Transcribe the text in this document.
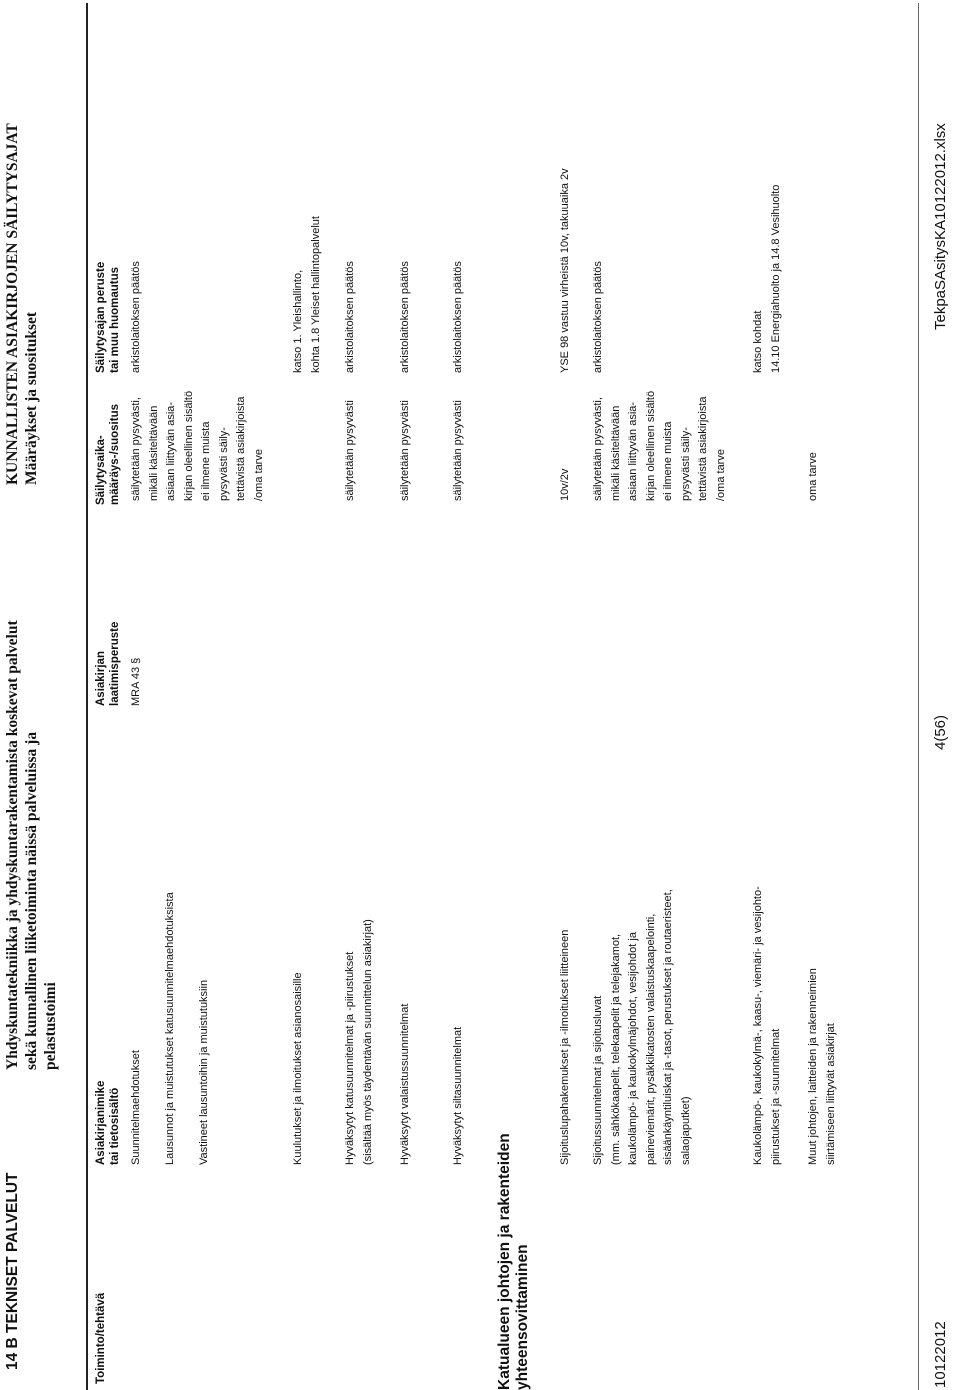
14 B TEKNISET PALVELUT
Yhdyskuntatekniikka ja yhdyskuntarakentamista koskevat palvelut sekä kunnallinen liiketoiminta näissä palveluissa ja pelastustoimi
KUNNALLISTEN ASIAKIRJOJEN SÄILYTYSAJAT Määräykset ja suositukset
Toiminto/tehtävä
Asiakirjanimike tai tietosisältö
Asiakirjan laatimisperuste
Säilytysaika- määräys-/suositus
Säilytysajan peruste tai muu huomautus
Suunnitelmaehdotukset
MRA 43 §
arkistolaitoksen päätös
Lausunnot ja muistutukset katusuunnitelmaehdotuksista	Vastineet lausuntoihin ja muistutuksiin
säilytetään pysyvästi, mikäli käsiteltävään asiaan liittyvän asia- kirjan oleellinen sisältö ei ilmene muista pysyvästi säily- tettävistä asiakirjoista /oma tarve
Kuulutukset ja ilmoitukset asianosaisille
katso 1. Yleishallinto, kohta 1.8 Yleiset hallintopalvelut
Hyväksytyt katusuunnitelmat ja -piirustukset (sisältää myös täydentävän suunnittelun asiakirjat)
säilytetään pysyvästi
arkistolaitoksen päätös
Hyväksytyt valaistussuunnitelmat
säilytetään pysyvästi
arkistolaitoksen päätös
Hyväksytyt siltasuunnitelmat
säilytetään pysyvästi
arkistolaitoksen päätös
Katualueen johtojen ja rakenteiden yhteensovittaminen
Sijoituslupahakemukset ja -ilmoitukset liitteineen
10v/2v
YSE 98 vastuu virheistä 10v, takuuaika 2v
Sijoitussuunnitelmat ja sijoitusluvat (mm. sähkökaapelit, telekaapelit ja telejakamot, kaukolämpö- ja kaukokylmäjohdot, vesijohdot ja paineviemärit, pysäkkikatosten valaistuskaapelointi, sisäänkäyntiluiskat ja -tasot, perustukset ja routaeristeet, salaojaputket)
säilytetään pysyvästi, mikäli käsiteltävään asiaan liittyvän asia- kirjan oleellinen sisältö ei ilmene muista pysyvästi säily- tettävistä asiakirjoista /oma tarve
arkistolaitoksen päätös
Kaukolämpö-, kaukokylmä-, kaasu-, viemäri- ja vesijohto- piirustukset ja -suunnitelmat
katso kohdat 14.10 Energiahuolto ja 14.8 Vesihuolto
Muut johtojen, laitteiden ja rakenneimien siirtämiseen liittyvät asiakirjat
oma tarve
10122012
4(56)
TekpaSAsitysKA10122012.xlsx
